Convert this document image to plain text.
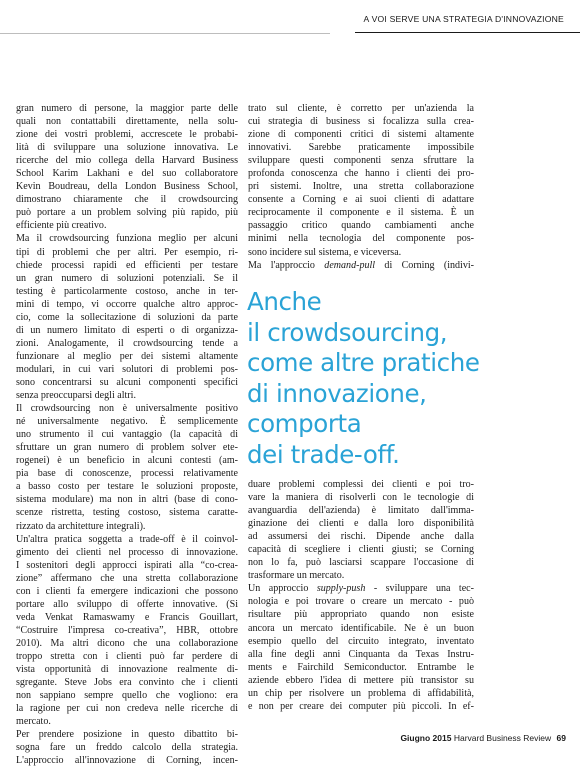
A VOI SERVE UNA STRATEGIA D'INNOVAZIONE
gran numero di persone, la maggior parte delle
quali non contattabili direttamente, nella solu-
zione dei vostri problemi, accrescete le probabi-
lità di sviluppare una soluzione innovativa. Le
ricerche del mio collega della Harvard Business
School Karim Lakhani e del suo collaboratore
Kevin Boudreau, della London Business School,
dimostrano chiaramente che il crowdsourcing
può portare a un problem solving più rapido, più
efficiente più creativo.
Ma il crowdsourcing funziona meglio per alcuni
tipi di problemi che per altri. Per esempio, ri-
chiede processi rapidi ed efficienti per testare
un gran numero di soluzioni potenziali. Se il
testing è particolarmente costoso, anche in ter-
mini di tempo, vi occorre qualche altro approc-
cio, come la sollecitazione di soluzioni da parte
di un numero limitato di esperti o di organizza-
zioni. Analogamente, il crowdsourcing tende a
funzionare al meglio per dei sistemi altamente
modulari, in cui vari solutori di problemi pos-
sono concentrarsi su alcuni componenti specifici
senza preoccuparsi degli altri.
Il crowdsourcing non è universalmente positivo
né universalmente negativo. È semplicemente
uno strumento il cui vantaggio (la capacità di
sfruttare un gran numero di problem solver ete-
rogenei) è un beneficio in alcuni contesti (am-
pia base di conoscenze, processi relativamente
a basso costo per testare le soluzioni proposte,
sistema modulare) ma non in altri (base di cono-
scenze ristretta, testing costoso, sistema caratte-
rizzato da architetture integrali).
Un'altra pratica soggetta a trade-off è il coinvol-
gimento dei clienti nel processo di innovazione.
I sostenitori degli approcci ispirati alla “co-crea-
zione” affermano che una stretta collaborazione
con i clienti fa emergere indicazioni che possono
portare allo sviluppo di offerte innovative. (Si
veda Venkat Ramaswamy e Francis Gouillart,
“Costruire l'impresa co-creativa”, HBR, ottobre
2010). Ma altri dicono che una collaborazione
troppo stretta con i clienti può far perdere di
vista opportunità di innovazione realmente di-
sgregante. Steve Jobs era convinto che i clienti
non sappiano sempre quello che vogliono: era
la ragione per cui non credeva nelle ricerche di
mercato.
Per prendere posizione in questo dibattito bi-
sogna fare un freddo calcolo della strategia.
L'approccio all'innovazione di Corning, incen-
trato sul cliente, è corretto per un'azienda la
cui strategia di business si focalizza sulla crea-
zione di componenti critici di sistemi altamente
innovativi. Sarebbe praticamente impossibile
sviluppare questi componenti senza sfruttare la
profonda conoscenza che hanno i clienti dei pro-
pri sistemi. Inoltre, una stretta collaborazione
consente a Corning e ai suoi clienti di adattare
reciprocamente il componente e il sistema. È un
passaggio critico quando cambiamenti anche
minimi nella tecnologia del componente pos-
sono incidere sul sistema, e viceversa.
Ma l'approccio demand-pull di Corning (indivi-
Anche
il crowdsourcing,
come altre pratiche
di innovazione,
comporta
dei trade-off.
duare problemi complessi dei clienti e poi tro-
vare la maniera di risolverli con le tecnologie di
avanguardia dell'azienda) è limitato dall'imma-
ginazione dei clienti e dalla loro disponibilità
ad assumersi dei rischi. Dipende anche dalla
capacità di scegliere i clienti giusti; se Corning
non lo fa, può lasciarsi scappare l'occasione di
trasformare un mercato.
Un approccio supply-push - sviluppare una tec-
nologia e poi trovare o creare un mercato - può
risultare più appropriato quando non esiste
ancora un mercato identificabile. Ne è un buon
esempio quello del circuito integrato, inventato
alla fine degli anni Cinquanta da Texas Instru-
ments e Fairchild Semiconductor. Entrambe le
aziende ebbero l'idea di mettere più transistor su
un chip per risolvere un problema di affidabilità,
e non per creare dei computer più piccoli. In ef-
Giugno 2015 Harvard Business Review 69
